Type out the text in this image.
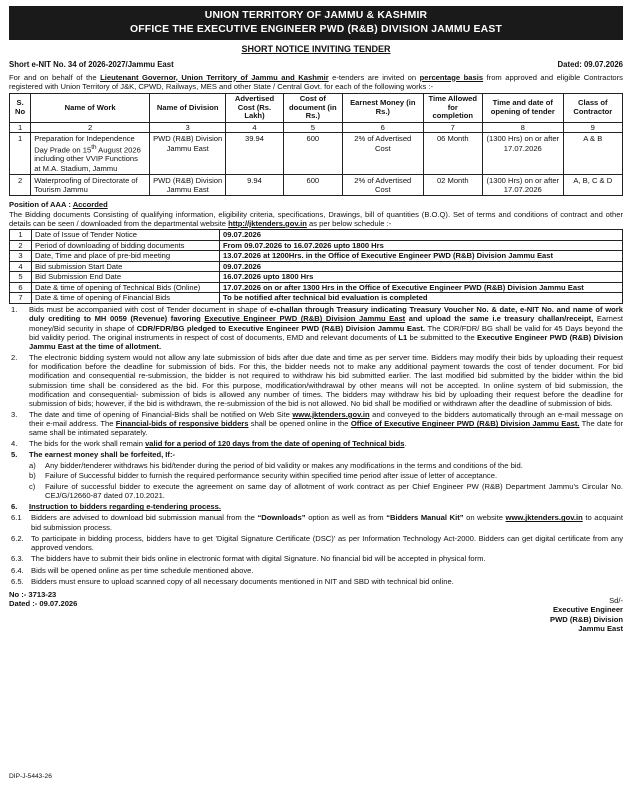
UNION TERRITORY OF JAMMU & KASHMIR
OFFICE THE EXECUTIVE ENGINEER PWD (R&B) DIVISION JAMMU EAST
SHORT NOTICE INVITING TENDER
Short e-NIT No. 34 of 2026-2027/Jammu East	Dated: 09.07.2026

For and on behalf of the Lieutenant Governor, Union Territory of Jammu and Kashmir e-tenders are invited on percentage basis from approved and eligible Contractors registered with Union Territory of J&K, CPWD, Railways, MES and other State / Central Govt. for each of the following works :-

S. No	Name of Work	Name of Division	Advertised Cost (Rs. Lakh)	Cost of document (in Rs.)	Earnest Money (in Rs.)	Time Allowed for completion	Time and date of opening of tender	Class of Contractor
1	2	3	4	5	6	7	8	9
1	Preparation for Independence Day Prade on 15th August 2026 including other VVIP Functions at M.A. Stadium, Jammu	PWD (R&B) Division Jammu East	39.94	600	2% of Advertised Cost	06 Month	(1300 Hrs) on or after 17.07.2026	A & B
2	Waterproofing of Directorate of Tourism Jammu	PWD (R&B) Division Jammu East	9.94	600	2% of Advertised Cost	02 Month	(1300 Hrs) on or after 17.07.2026	A, B, C & D
Position of AAA : Accorded

The Bidding documents Consisting of qualifying information, eligibility criteria, specifications, Drawings, bill of quantities (B.O.Q). Set of terms and conditions of contract and other details can be seen / downloaded from the departmental website http://jktenders.gov.in as per below schedule :-

1	Date of Issue of Tender Notice	09.07.2026
2	Period of downloading of bidding documents	From 09.07.2026 to 16.07.2026 upto 1800 Hrs
3	Date, Time and place of pre-bid meeting	13.07.2026 at 1200Hrs. in the Office of Executive Engineer PWD (R&B) Division Jammu East
4	Bid submission Start Date	09.07.2026
5	Bid Submission End Date	16.07.2026 upto 1800 Hrs
6	Date & time of opening of Technical Bids (Online)	17.07.2026 on or after 1300 Hrs in the Office of Executive Engineer PWD (R&B) Division Jammu East
7	Date & time of opening of Financial Bids	To be notified after technical bid evaluation is completed
1.	Bids must be accompanied with cost of Tender document in shape of e-challan through Treasury indicating Treasury Voucher No. & date, e-NIT No. and name of work duly crediting to MH 0059 (Revenue) favoring Executive Engineer PWD (R&B) Division Jammu East and upload the same i.e treasury challan/receipt, Earnest money/Bid security in shape of CDR/FDR/BG pledged to Executive Engineer PWD (R&B) Division Jammu East. The CDR/FDR/ BG shall be valid for 45 Days beyond the bid validity period. The original instruments in respect of cost of documents, EMD and relevant documents of L1 be submitted to the Executive Engineer PWD (R&B) Division Jammu East at the time of allotment.
2.	The electronic bidding system would not allow any late submission of bids after due date and time as per server time. Bidders may modify their bids by uploading their request for modification before the deadline for submission of bids. For this, the bidder needs not to make any additional payment towards the cost of tender document. For bid modification and consequential re-submission, the bidder is not required to withdraw his bid submitted earlier. The last modified bid submitted by the bidder within the bid submission time shall be considered as the bid. For this purpose, modification/withdrawal by other means will not be accepted. In online system of bid submission, the modification and consequential- submission of bids is allowed any number of times. The bidders may withdraw his bid by uploading their request before the deadline for submission of bids; however, if the bid is withdrawn, the re-submission of the bid is not allowed. No bid shall be modified or withdrawn after the deadline of submission of bids.
3.	The date and time of opening of Financial-Bids shall be notified on Web Site www.jktenders.gov.in and conveyed to the bidders automatically through an e-mail message on their e-mail address. The Financial-bids of responsive bidders shall be opened online in the Office of Executive Engineer PWD (R&B) Division Jammu East. The date for same shall be intimated separately.
4.	The bids for the work shall remain valid for a period of 120 days from the date of opening of Technical bids.
5.	The earnest money shall be forfeited, If:-
a)	Any bidder/tenderer withdraws his bid/tender during the period of bid validity or makes any modifications in the terms and conditions of the bid.
b)	Failure of Successful bidder to furnish the required performance security within specified time period after issue of letter of acceptance.
c)	Failure of successful bidder to execute the agreement on same day of allotment of work contract as per Chief Engineer PW (R&B) Department Jammu's Circular No. CEJ/G/12660-87 dated 07.10.2021.
6.	Instruction to bidders regarding e-tendering process.
6.1	Bidders are advised to download bid submission manual from the “Downloads” option as well as from “Bidders Manual Kit” on website www.jktenders.gov.in to acquaint bid submission process.
6.2. To participate in bidding process, bidders have to get 'Digital Signature Certificate (DSC)' as per Information Technology Act-2000. Bidders can get digital certificate from any approved vendors.
6.3. The bidders have to submit their bids online in electronic format with digital Signature. No financial bid will be accepted in physical form.
6.4. Bids will be opened online as per time schedule mentioned above.
6.5. Bidders must ensure to upload scanned copy of all necessary documents mentioned in NIT and SBD with technical bid online.
No :- 3713-23
Dated :- 09.07.2026	Sd/-
Executive Engineer
PWD (R&B) Division
Jammu East
DIP-J-5443-26
